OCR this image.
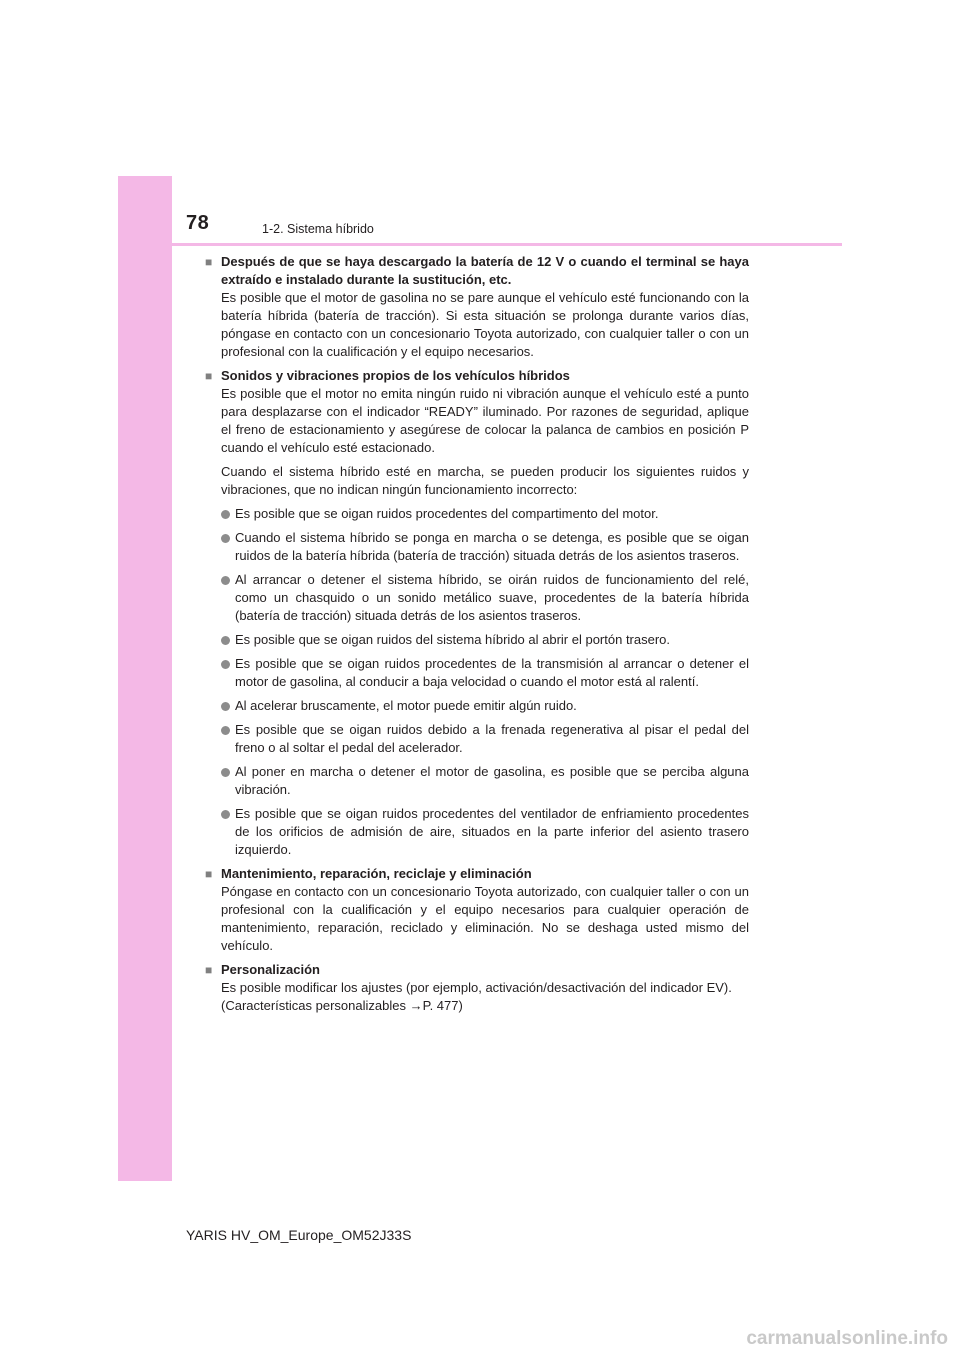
78	1-2. Sistema híbrido
■ Después de que se haya descargado la batería de 12 V o cuando el terminal se haya extraído e instalado durante la sustitución, etc.
Es posible que el motor de gasolina no se pare aunque el vehículo esté funcionando con la batería híbrida (batería de tracción). Si esta situación se prolonga durante varios días, póngase en contacto con un concesionario Toyota autorizado, con cualquier taller o con un profesional con la cualificación y el equipo necesarios.
■ Sonidos y vibraciones propios de los vehículos híbridos
Es posible que el motor no emita ningún ruido ni vibración aunque el vehículo esté a punto para desplazarse con el indicador “READY” iluminado. Por razones de seguridad, aplique el freno de estacionamiento y asegúrese de colocar la palanca de cambios en posición P cuando el vehículo esté estacionado.
Cuando el sistema híbrido esté en marcha, se pueden producir los siguientes ruidos y vibraciones, que no indican ningún funcionamiento incorrecto:
Es posible que se oigan ruidos procedentes del compartimento del motor.
Cuando el sistema híbrido se ponga en marcha o se detenga, es posible que se oigan ruidos de la batería híbrida (batería de tracción) situada detrás de los asientos traseros.
Al arrancar o detener el sistema híbrido, se oirán ruidos de funcionamiento del relé, como un chasquido o un sonido metálico suave, procedentes de la batería híbrida (batería de tracción) situada detrás de los asientos traseros.
Es posible que se oigan ruidos del sistema híbrido al abrir el portón trasero.
Es posible que se oigan ruidos procedentes de la transmisión al arrancar o detener el motor de gasolina, al conducir a baja velocidad o cuando el motor está al ralentí.
Al acelerar bruscamente, el motor puede emitir algún ruido.
Es posible que se oigan ruidos debido a la frenada regenerativa al pisar el pedal del freno o al soltar el pedal del acelerador.
Al poner en marcha o detener el motor de gasolina, es posible que se perciba alguna vibración.
Es posible que se oigan ruidos procedentes del ventilador de enfriamiento procedentes de los orificios de admisión de aire, situados en la parte inferior del asiento trasero izquierdo.
■ Mantenimiento, reparación, reciclaje y eliminación
Póngase en contacto con un concesionario Toyota autorizado, con cualquier taller o con un profesional con la cualificación y el equipo necesarios para cualquier operación de mantenimiento, reparación, reciclado y eliminación. No se deshaga usted mismo del vehículo.
■ Personalización
Es posible modificar los ajustes (por ejemplo, activación/desactivación del indicador EV).
(Características personalizables →P. 477)
YARIS HV_OM_Europe_OM52J33S
carmanualsonline.info
